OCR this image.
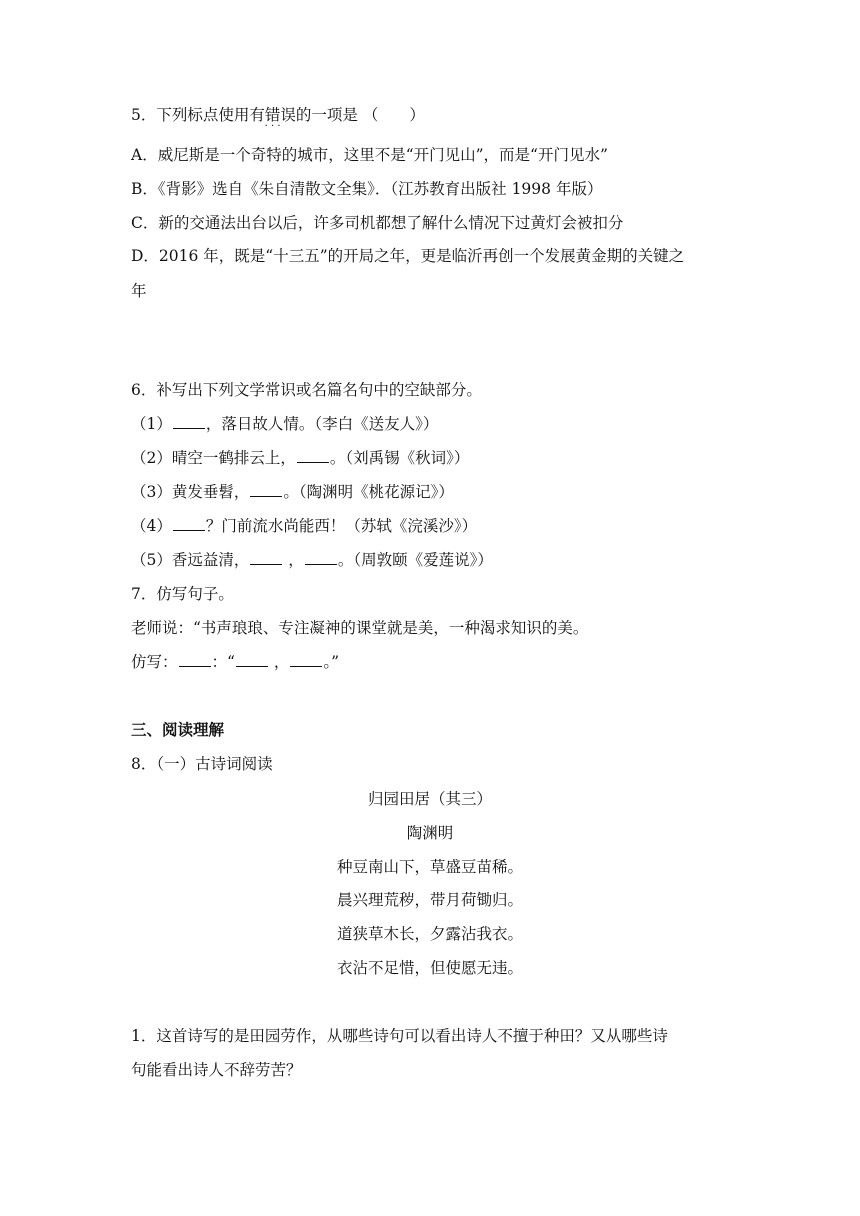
5．下列标点使用有错误
· · ·
的一项是 （　　）
A．威尼斯是一个奇特的城市，这里不是“开门见山”，而是“开门见水”
B．《背影》选自《朱自清散文全集》．（江苏教育出版社 1998 年版）
C．新的交通法出台以后，许多司机都想了解什么情况下过黄灯会被扣分
D．2016 年，既是“十三五”的开局之年，更是临沂再创一个发展黄金期的关键之
年
6．补写出下列文学常识或名篇名句中的空缺部分。
（1） ，落日故人情。（李白《送友人》）
（2）晴空一鹤排云上， 。（刘禹锡《秋词》）
（3）黄发垂髫， 。（陶渊明《桃花源记》）
（4） ？门前流水尚能西！（苏轼《浣溪沙》）
（5）香远益清， ， 。（周敦颐《爱莲说》）
7．仿写句子。
老师说：“书声琅琅、专注凝神的课堂就是美，一种渴求知识的美。
仿写： ：“ ， 。”
三、阅读理解
8．（一）古诗词阅读
归园田居（其三）
陶渊明
种豆南山下，草盛豆苗稀。
晨兴理荒秽，带月荷锄归。
道狭草木长，夕露沾我衣。
衣沾不足惜，但使愿无违。
1．这首诗写的是田园劳作，从哪些诗句可以看出诗人不擅于种田？又从哪些诗
句能看出诗人不辞劳苦？
